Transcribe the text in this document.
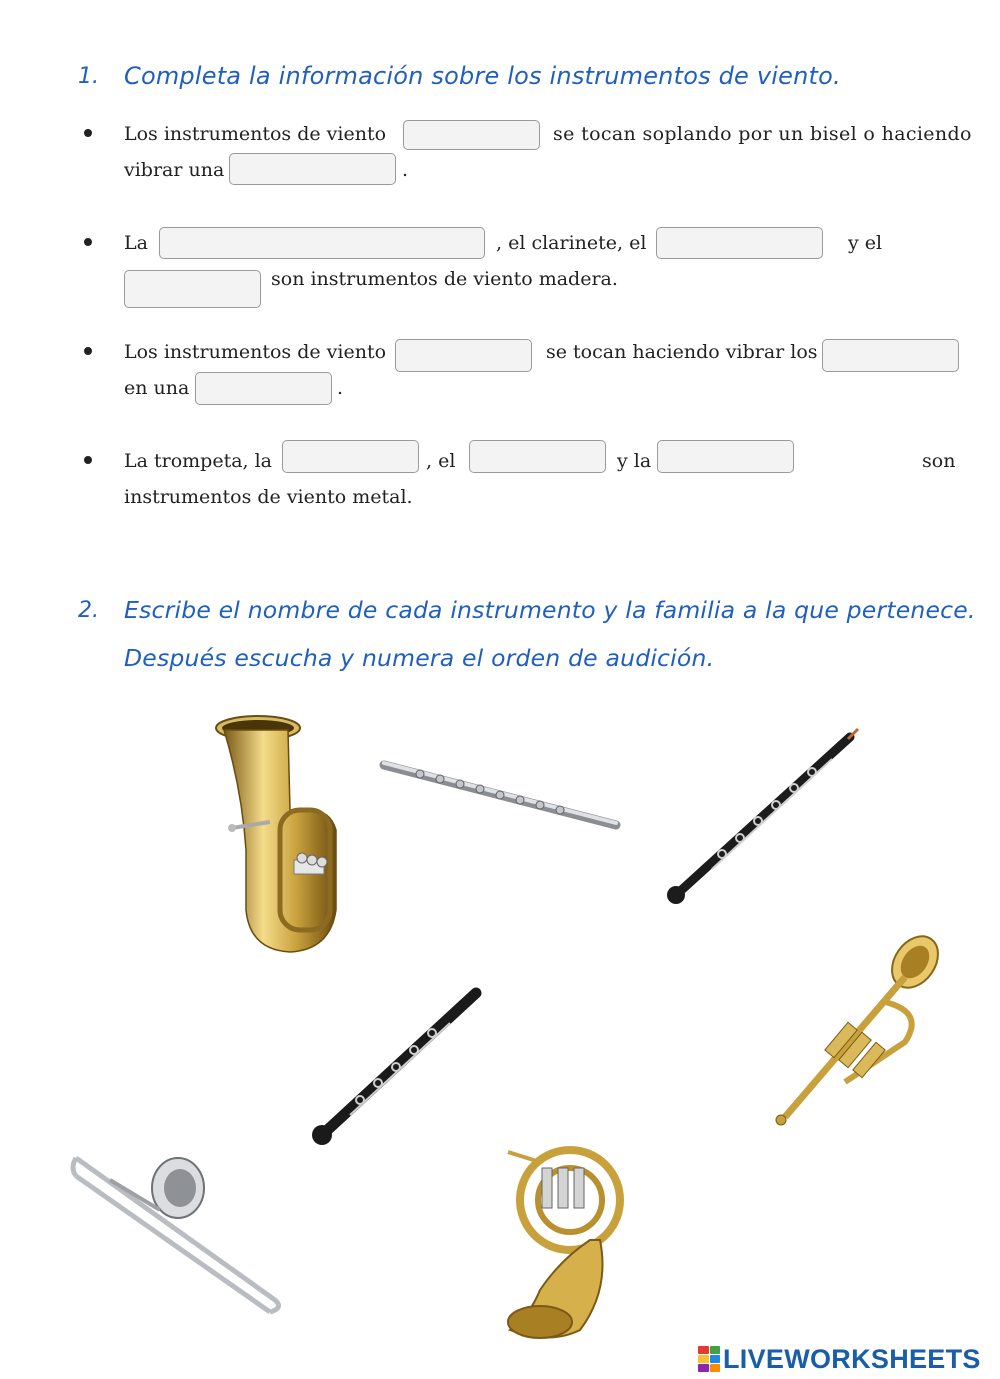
1. Completa la información sobre los instrumentos de viento.
Los instrumentos de viento	se tocan soplando por un bisel o haciendo
vibrar una	.
La	, el clarinete, el	y el
son instrumentos de viento madera.
Los instrumentos de viento	se tocan haciendo vibrar los
en una	.
La trompeta, la	, el	y la	son
instrumentos de viento metal.
2. Escribe el nombre de cada instrumento y la familia a la que pertenece.
Después escucha y numera el orden de audición.
LIVEWORKSHEETS
